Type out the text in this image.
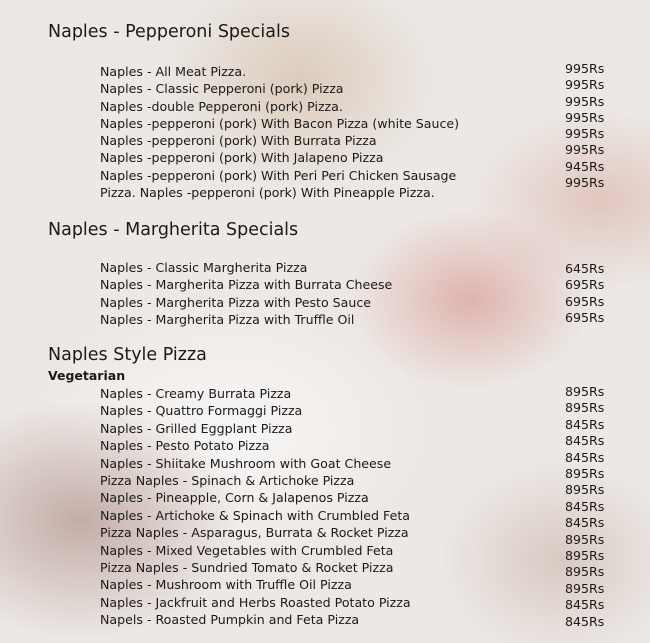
Naples - Pepperoni Specials
Naples - All Meat Pizza.
Naples - Classic Pepperoni (pork) Pizza
Naples -double Pepperoni (pork) Pizza.
Naples -pepperoni (pork) With Bacon Pizza (white Sauce)
Naples -pepperoni (pork) With Burrata Pizza
Naples -pepperoni (pork) With Jalapeno Pizza
Naples -pepperoni (pork) With Peri Peri Chicken Sausage
Pizza. Naples -pepperoni (pork) With Pineapple Pizza.
995Rs
995Rs
995Rs
995Rs
995Rs
995Rs
945Rs
995Rs
Naples - Margherita Specials
Naples - Classic Margherita Pizza
Naples - Margherita Pizza with Burrata Cheese
Naples - Margherita Pizza with Pesto Sauce
Naples - Margherita Pizza with Truffle Oil
645Rs
695Rs
695Rs
695Rs
Naples Style Pizza
Vegetarian
Naples - Creamy Burrata Pizza
Naples - Quattro Formaggi Pizza
Naples - Grilled Eggplant Pizza
Naples - Pesto Potato Pizza
Naples - Shiitake Mushroom with Goat Cheese
Pizza Naples - Spinach & Artichoke Pizza
Naples - Pineapple, Corn & Jalapenos Pizza
Naples - Artichoke & Spinach with Crumbled Feta
Pizza Naples - Asparagus, Burrata & Rocket Pizza
Naples - Mixed Vegetables with Crumbled Feta
Pizza Naples - Sundried Tomato & Rocket Pizza
Naples - Mushroom with Truffle Oil Pizza
Naples - Jackfruit and Herbs Roasted Potato Pizza
Napels - Roasted Pumpkin and Feta Pizza
895Rs
895Rs
845Rs
845Rs
845Rs
895Rs
895Rs
845Rs
845Rs
895Rs
895Rs
895Rs
895Rs
845Rs
845Rs
